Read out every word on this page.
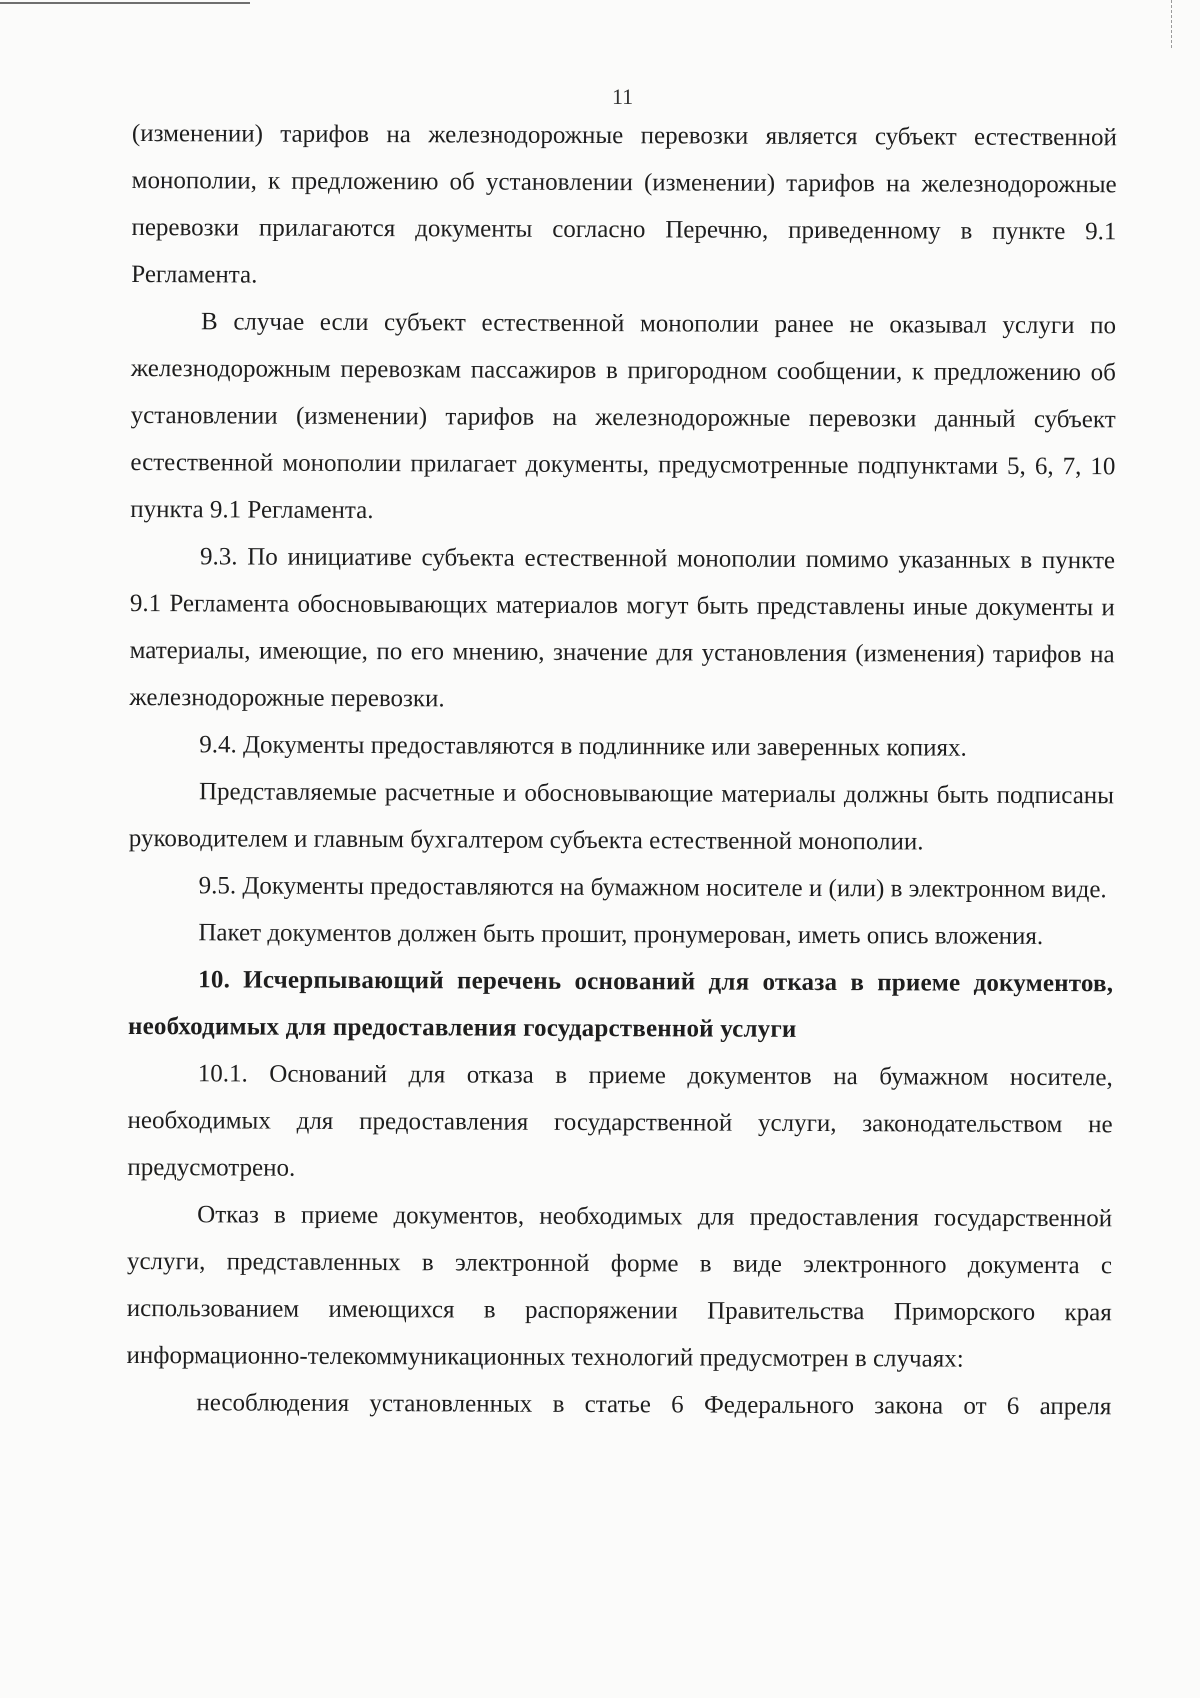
11

(изменении) тарифов на железнодорожные перевозки является субъект естественной монополии, к предложению об установлении (изменении) тарифов на железнодорожные перевозки прилагаются документы согласно Перечню, приведенному в пункте 9.1 Регламента.

В случае если субъект естественной монополии ранее не оказывал услуги по железнодорожным перевозкам пассажиров в пригородном сообщении, к предложению об установлении (изменении) тарифов на железнодорожные перевозки данный субъект естественной монополии прилагает документы, предусмотренные подпунктами 5, 6, 7, 10 пункта 9.1 Регламента.

9.3. По инициативе субъекта естественной монополии помимо указанных в пункте 9.1 Регламента обосновывающих материалов могут быть представлены иные документы и материалы, имеющие, по его мнению, значение для установления (изменения) тарифов на железнодорожные перевозки.

9.4. Документы предоставляются в подлиннике или заверенных копиях.

Представляемые расчетные и обосновывающие материалы должны быть подписаны руководителем и главным бухгалтером субъекта естественной монополии.

9.5. Документы предоставляются на бумажном носителе и (или) в электронном виде.

Пакет документов должен быть прошит, пронумерован, иметь опись вложения.

10. Исчерпывающий перечень оснований для отказа в приеме документов, необходимых для предоставления государственной услуги

10.1. Оснований для отказа в приеме документов на бумажном носителе, необходимых для предоставления государственной услуги, законодательством не предусмотрено.

Отказ в приеме документов, необходимых для предоставления государственной услуги, представленных в электронной форме в виде электронного документа с использованием имеющихся в распоряжении Правительства Приморского края информационно-телекоммуникационных технологий предусмотрен в случаях:

несоблюдения установленных в статье 6 Федерального закона от 6 апреля
